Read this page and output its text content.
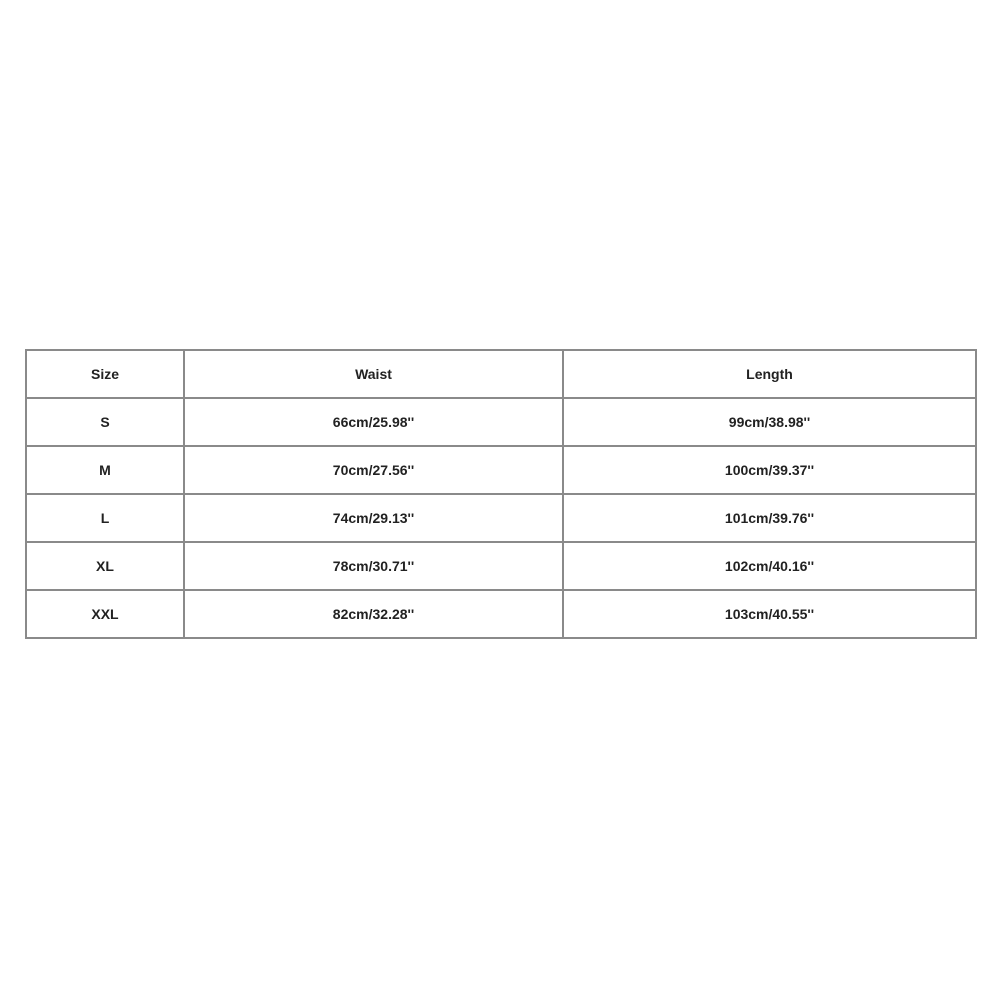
Size	Waist	Length
S	66cm/25.98''	99cm/38.98''
M	70cm/27.56''	100cm/39.37''
L	74cm/29.13''	101cm/39.76''
XL	78cm/30.71''	102cm/40.16''
XXL	82cm/32.28''	103cm/40.55''
